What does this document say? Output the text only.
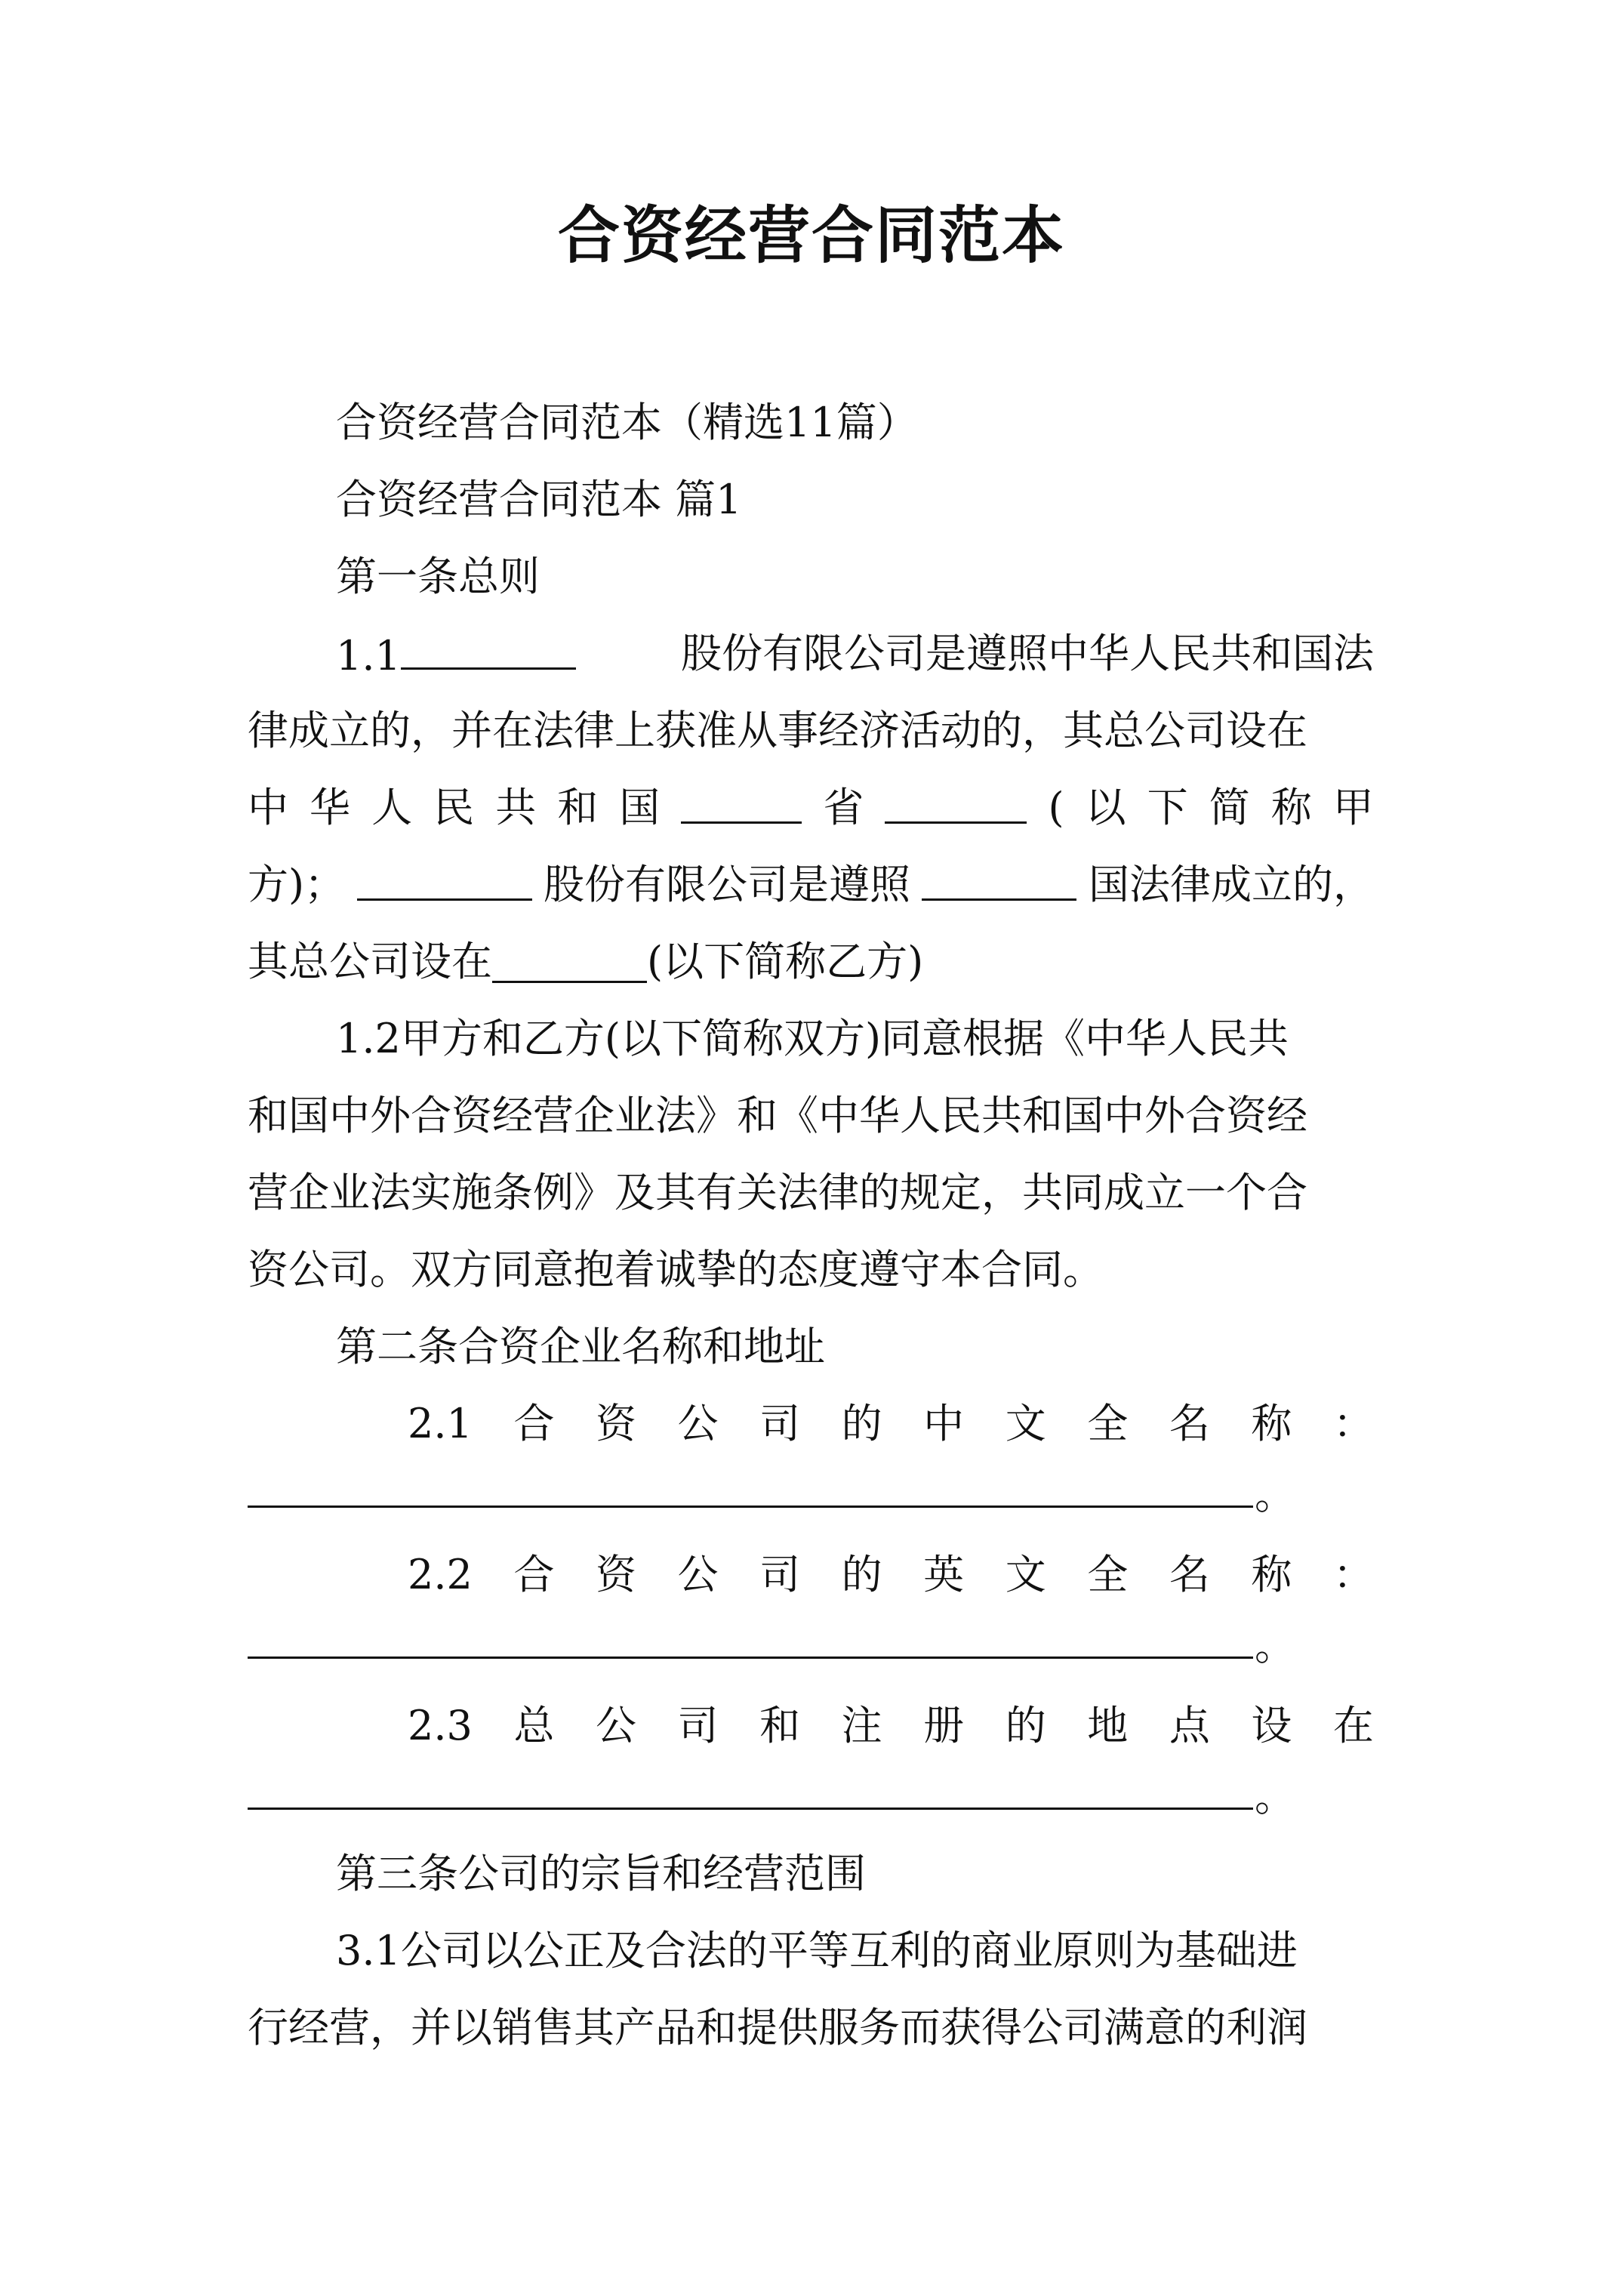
合资经营合同范本
合资经营合同范本（精选11篇）
合资经营合同范本 篇1
第一条总则
1.1	股份有限公司是遵照中华人民共和国法
律成立的，并在法律上获准从事经济活动的，其总公司设在
中 华 人 民 共 和 国	省	( 以 下 简 称 甲
方)；	股份有限公司是遵照	国法律成立的，
其总公司设在	(以下简称乙方)
1.2甲方和乙方(以下简称双方)同意根据《中华人民共
和国中外合资经营企业法》和《中华人民共和国中外合资经
营企业法实施条例》及其有关法律的规定，共同成立一个合
资公司。双方同意抱着诚挚的态度遵守本合同。
第二条合资企业名称和地址
2.1 合 资 公 司 的 中 文 全 名 称 ：
。
2.2 合 资 公 司 的 英 文 全 名 称 ：
。
2.3 总 公 司 和 注 册 的 地 点 设 在
。
第三条公司的宗旨和经营范围
3.1公司以公正及合法的平等互利的商业原则为基础进
行经营，并以销售其产品和提供服务而获得公司满意的利润
